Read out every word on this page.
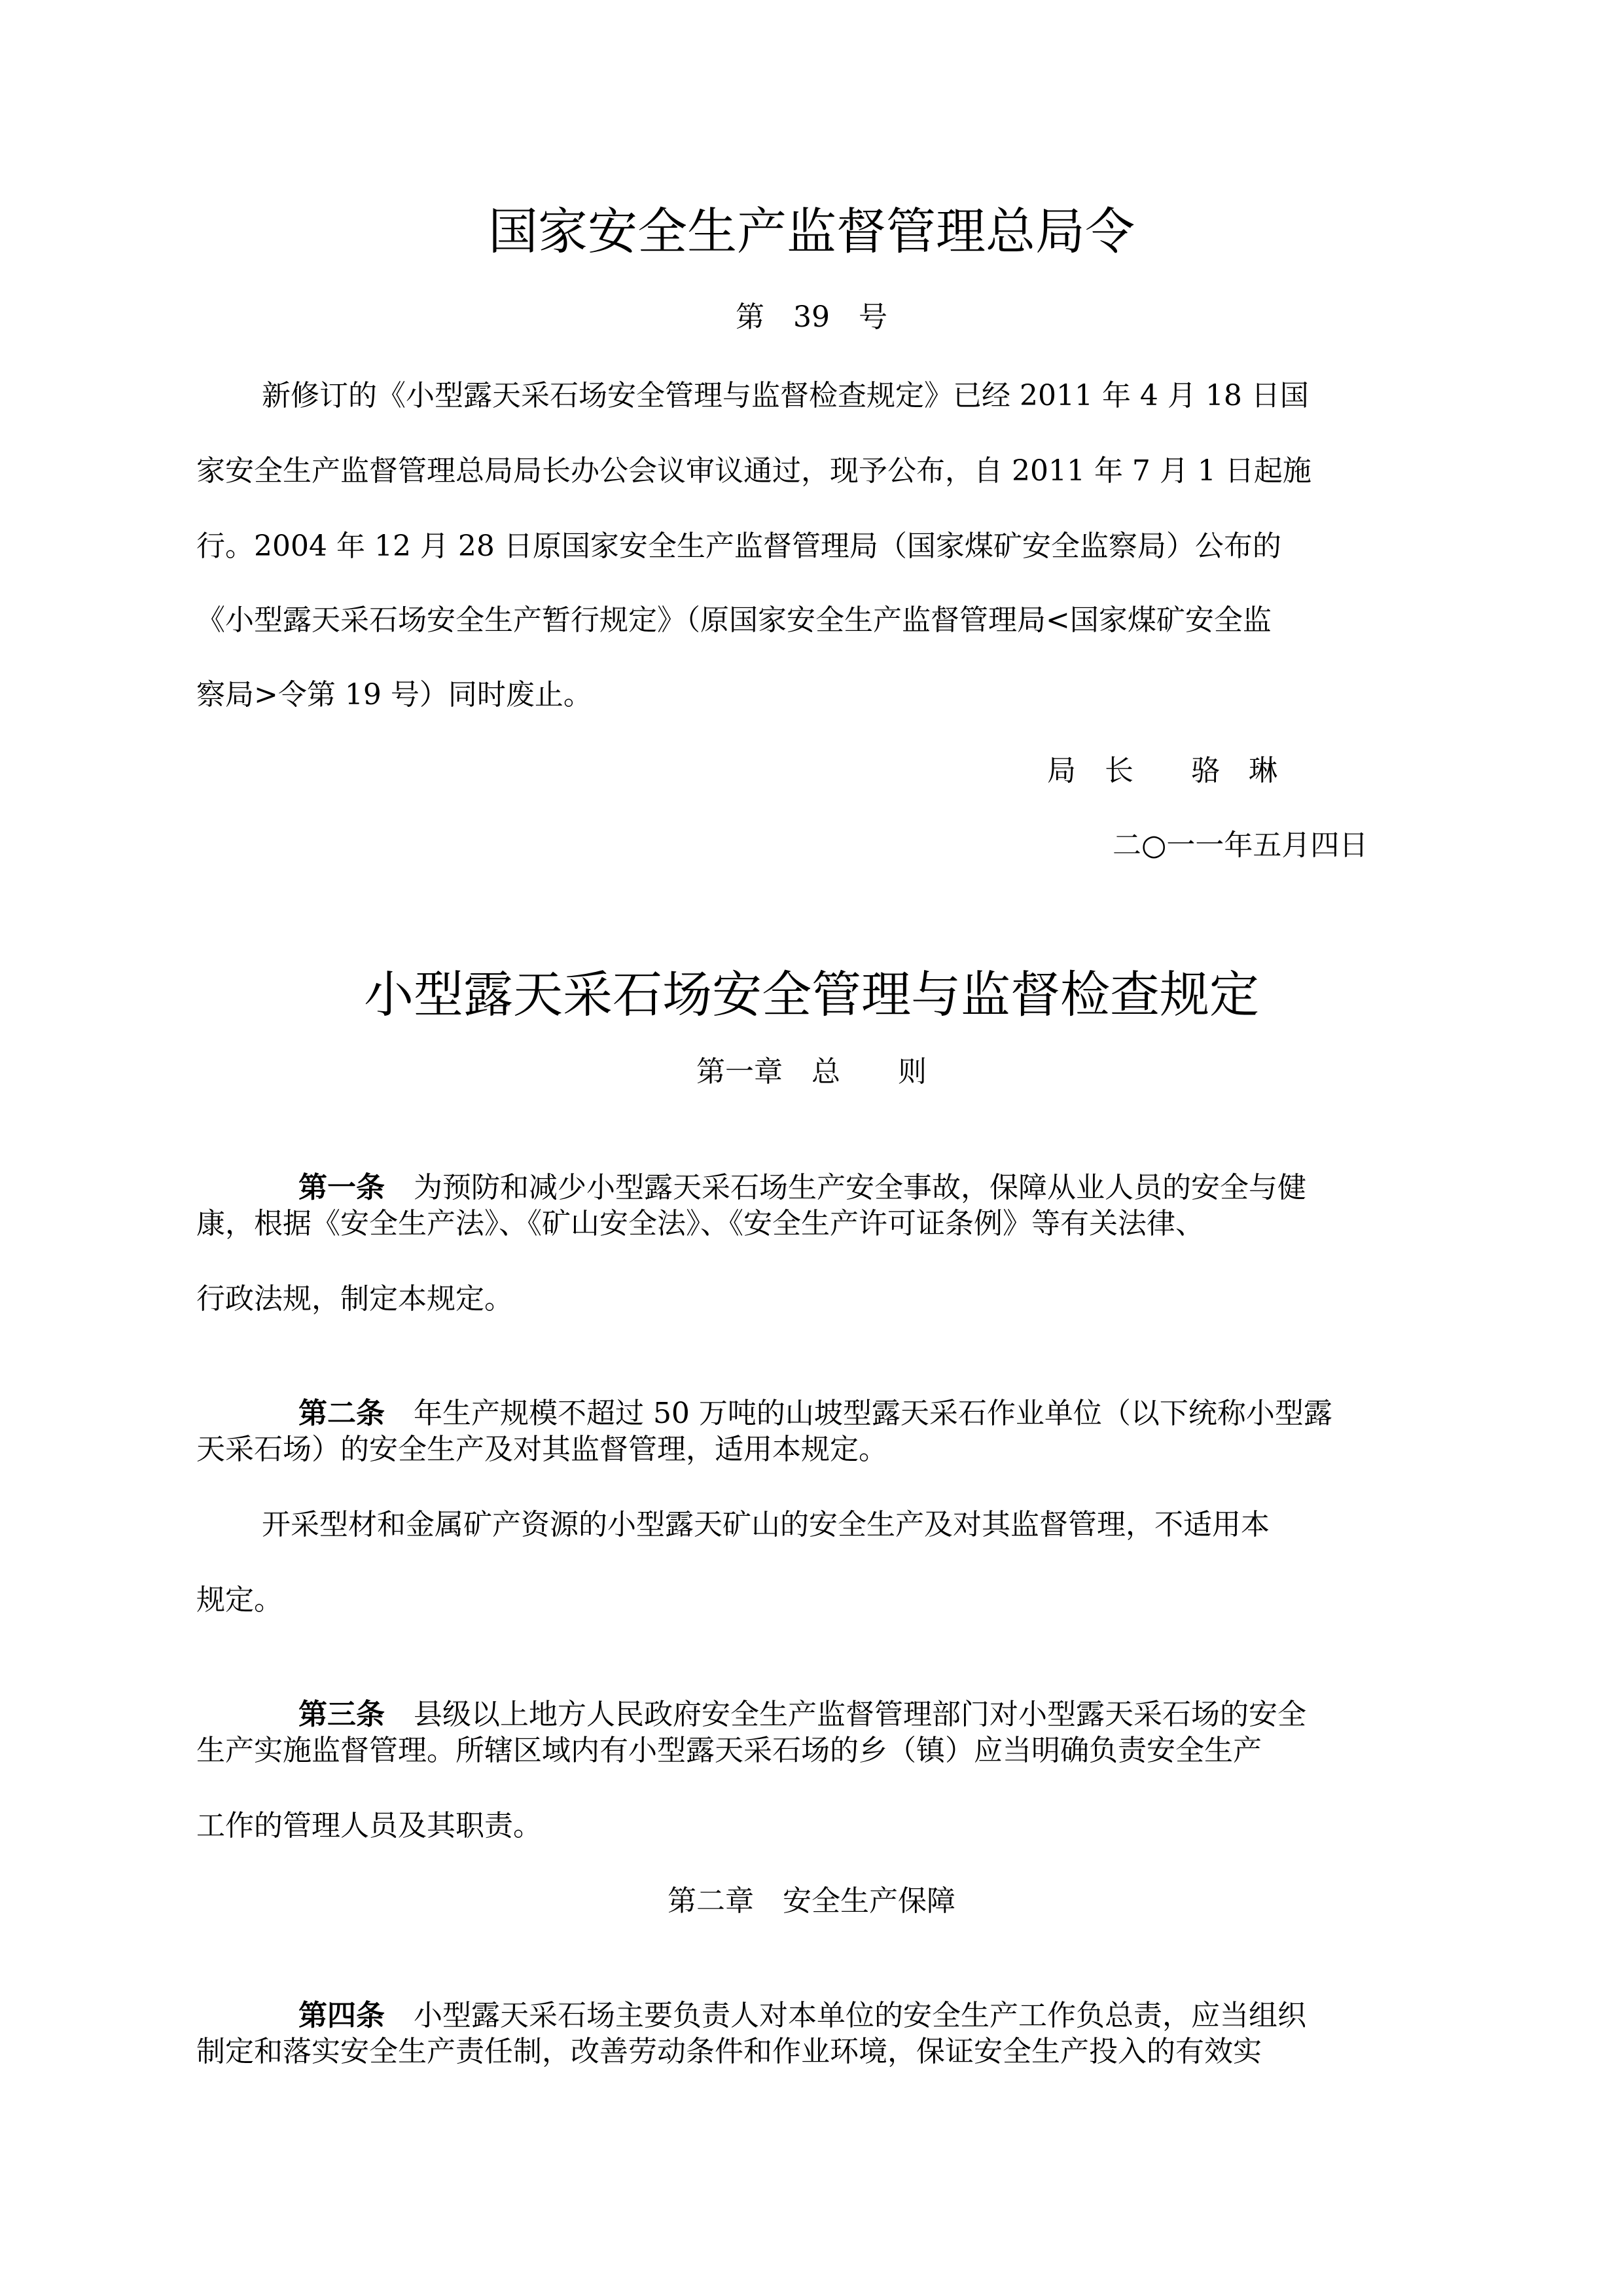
国家安全生产监督管理总局令
第　39　号
新修订的《小型露天采石场安全管理与监督检查规定》已经 2011 年 4 月 18 日国
家安全生产监督管理总局局长办公会议审议通过，现予公布，自 2011 年 7 月 1 日起施
行。2004 年 12 月 28 日原国家安全生产监督管理局（国家煤矿安全监察局）公布的
《小型露天采石场安全生产暂行规定》（原国家安全生产监督管理局<国家煤矿安全监
察局>令第 19 号）同时废止。
局　长　　骆　琳
二○一一年五月四日
小型露天采石场安全管理与监督检查规定
第一章　总　　则

第一条　为预防和减少小型露天采石场生产安全事故，保障从业人员的安全与健

康，根据《安全生产法》、《矿山安全法》、《安全生产许可证条例》等有关法律、
行政法规，制定本规定。

第二条　年生产规模不超过 50 万吨的山坡型露天采石作业单位（以下统称小型露

天采石场）的安全生产及对其监督管理，适用本规定。
开采型材和金属矿产资源的小型露天矿山的安全生产及对其监督管理，不适用本
规定。

第三条　县级以上地方人民政府安全生产监督管理部门对小型露天采石场的安全

生产实施监督管理。所辖区域内有小型露天采石场的乡（镇）应当明确负责安全生产
工作的管理人员及其职责。
第二章　安全生产保障

第四条　小型露天采石场主要负责人对本单位的安全生产工作负总责，应当组织

制定和落实安全生产责任制，改善劳动条件和作业环境，保证安全生产投入的有效实
